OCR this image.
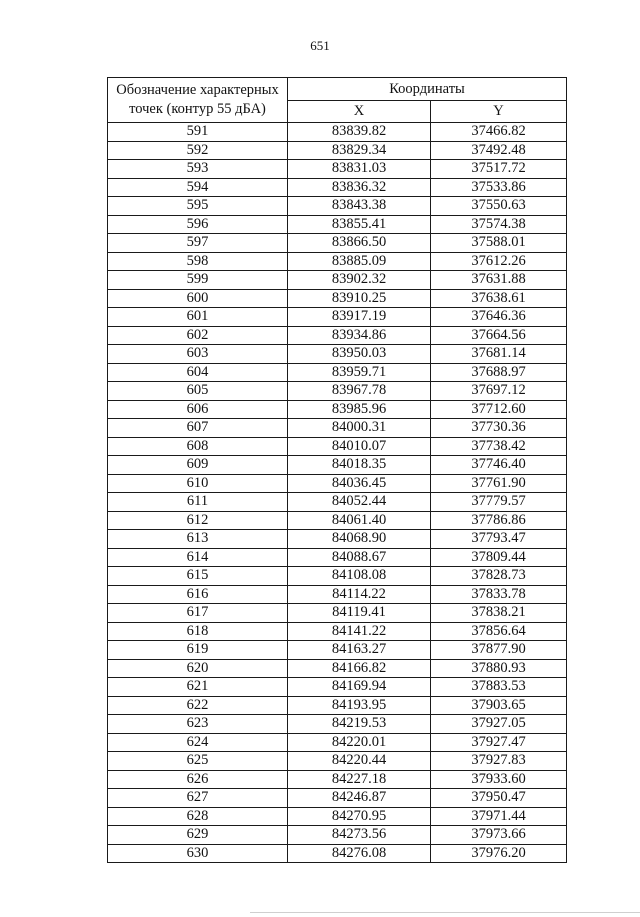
651
Обозначение характерных точек (контур 55 дБА)	Координаты	
	X	Y
591	83839.82	37466.82
592	83829.34	37492.48
593	83831.03	37517.72
594	83836.32	37533.86
595	83843.38	37550.63
596	83855.41	37574.38
597	83866.50	37588.01
598	83885.09	37612.26
599	83902.32	37631.88
600	83910.25	37638.61
601	83917.19	37646.36
602	83934.86	37664.56
603	83950.03	37681.14
604	83959.71	37688.97
605	83967.78	37697.12
606	83985.96	37712.60
607	84000.31	37730.36
608	84010.07	37738.42
609	84018.35	37746.40
610	84036.45	37761.90
611	84052.44	37779.57
612	84061.40	37786.86
613	84068.90	37793.47
614	84088.67	37809.44
615	84108.08	37828.73
616	84114.22	37833.78
617	84119.41	37838.21
618	84141.22	37856.64
619	84163.27	37877.90
620	84166.82	37880.93
621	84169.94	37883.53
622	84193.95	37903.65
623	84219.53	37927.05
624	84220.01	37927.47
625	84220.44	37927.83
626	84227.18	37933.60
627	84246.87	37950.47
628	84270.95	37971.44
629	84273.56	37973.66
630	84276.08	37976.20
